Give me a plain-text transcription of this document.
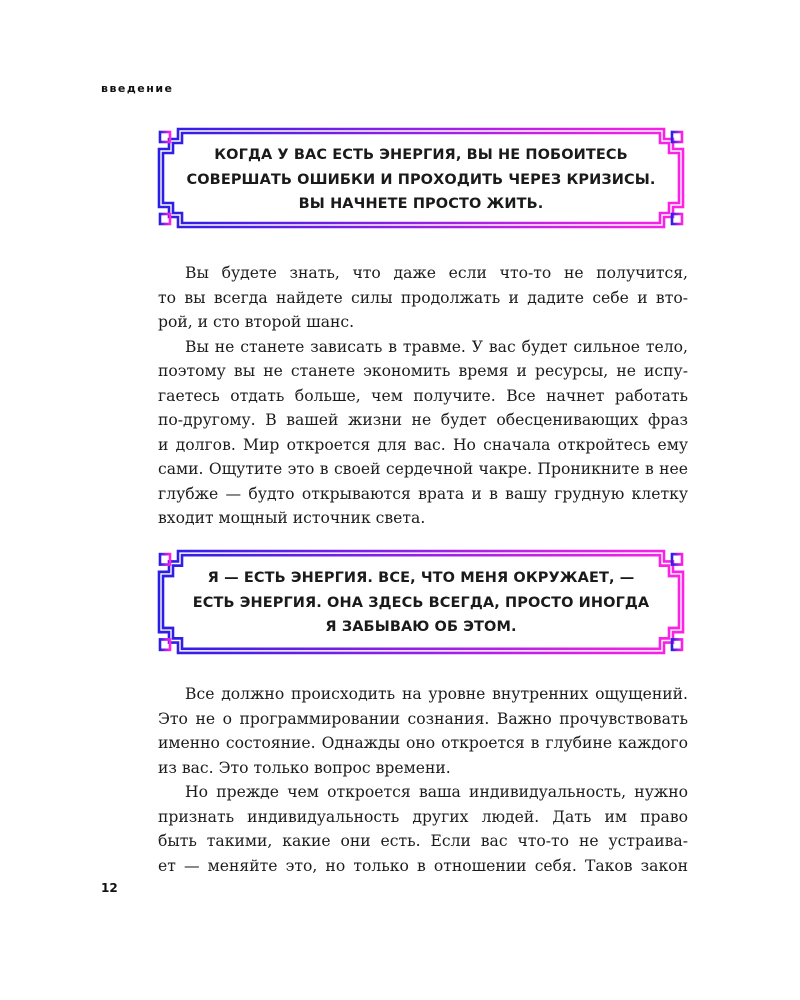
введение
КОГДА У ВАС ЕСТЬ ЭНЕРГИЯ, ВЫ НЕ ПОБОИТЕСЬ
СОВЕРШАТЬ ОШИБКИ И ПРОХОДИТЬ ЧЕРЕЗ КРИЗИСЫ.
ВЫ НАЧНЕТЕ ПРОСТО ЖИТЬ.
Вы будете знать, что даже если что-то не получится,
то вы всегда найдете силы продолжать и дадите себе и вто-
рой, и сто второй шанс.
Вы не станете зависать в травме. У вас будет сильное тело,
поэтому вы не станете экономить время и ресурсы, не испу-
гаетесь отдать больше, чем получите. Все начнет работать
по-другому. В вашей жизни не будет обесценивающих фраз
и долгов. Мир откроется для вас. Но сначала откройтесь ему
сами. Ощутите это в своей сердечной чакре. Проникните в нее
глубже — будто открываются врата и в вашу грудную клетку
входит мощный источник света.
Я — ЕСТЬ ЭНЕРГИЯ. ВСЕ, ЧТО МЕНЯ ОКРУЖАЕТ, —
ЕСТЬ ЭНЕРГИЯ. ОНА ЗДЕСЬ ВСЕГДА, ПРОСТО ИНОГДА
Я ЗАБЫВАЮ ОБ ЭТОМ.
Все должно происходить на уровне внутренних ощущений.
Это не о программировании сознания. Важно прочувствовать
именно состояние. Однажды оно откроется в глубине каждого
из вас. Это только вопрос времени.
Но прежде чем откроется ваша индивидуальность, нужно
признать индивидуальность других людей. Дать им право
быть такими, какие они есть. Если вас что-то не устраива-
ет — меняйте это, но только в отношении себя. Таков закон
12
